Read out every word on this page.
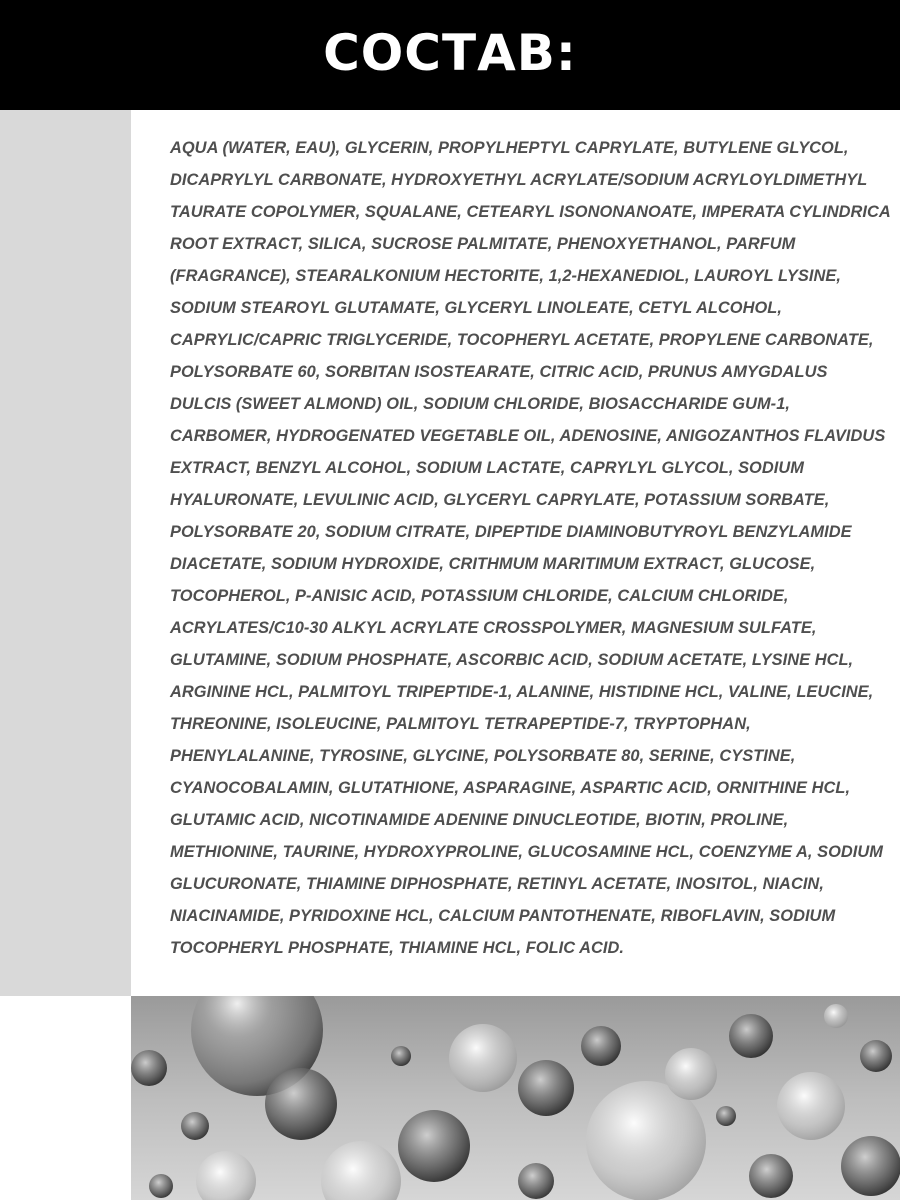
СОСТАВ:

AQUA (WATER, EAU), GLYCERIN, PROPYLHEPTYL CAPRYLATE, BUTYLENE GLYCOL, DICAPRYLYL CARBONATE, HYDROXYETHYL ACRYLATE/SODIUM ACRYLOYLDIMETHYL TAURATE COPOLYMER, SQUALANE, CETEARYL ISONONANOATE, IMPERATA CYLINDRICA ROOT EXTRACT, SILICA, SUCROSE PALMITATE, PHENOXYETHANOL, PARFUM (FRAGRANCE), STEARALKONIUM HECTORITE, 1,2-HEXANEDIOL, LAUROYL LYSINE, SODIUM STEAROYL GLUTAMATE, GLYCERYL LINOLEATE, CETYL ALCOHOL, CAPRYLIC/CAPRIC TRIGLYCERIDE, TOCOPHERYL ACETATE, PROPYLENE CARBONATE, POLYSORBATE 60, SORBITAN ISOSTEARATE, CITRIC ACID, PRUNUS AMYGDALUS DULCIS (SWEET ALMOND) OIL, SODIUM CHLORIDE, BIOSACCHARIDE GUM-1, CARBOMER, HYDROGENATED VEGETABLE OIL, ADENOSINE, ANIGOZANTHOS FLAVIDUS EXTRACT, BENZYL ALCOHOL, SODIUM LACTATE, CAPRYLYL GLYCOL, SODIUM HYALURONATE, LEVULINIC ACID, GLYCERYL CAPRYLATE, POTASSIUM SORBATE, POLYSORBATE 20, SODIUM CITRATE, DIPEPTIDE DIAMINOBUTYROYL BENZYLAMIDE DIACETATE, SODIUM HYDROXIDE, CRITHMUM MARITIMUM EXTRACT, GLUCOSE, TOCOPHEROL, P-ANISIC ACID, POTASSIUM CHLORIDE, CALCIUM CHLORIDE, ACRYLATES/C10-30 ALKYL ACRYLATE CROSSPOLYMER, MAGNESIUM SULFATE, GLUTAMINE, SODIUM PHOSPHATE, ASCORBIC ACID, SODIUM ACETATE, LYSINE HCL, ARGININE HCL, PALMITOYL TRIPEPTIDE-1, ALANINE, HISTIDINE HCL, VALINE, LEUCINE, THREONINE, ISOLEUCINE, PALMITOYL TETRAPEPTIDE-7, TRYPTOPHAN, PHENYLALANINE, TYROSINE, GLYCINE, POLYSORBATE 80, SERINE, CYSTINE, CYANOCOBALAMIN, GLUTATHIONE, ASPARAGINE, ASPARTIC ACID, ORNITHINE HCL, GLUTAMIC ACID, NICOTINAMIDE ADENINE DINUCLEOTIDE, BIOTIN, PROLINE, METHIONINE, TAURINE, HYDROXYPROLINE, GLUCOSAMINE HCL, COENZYME A, SODIUM GLUCURONATE, THIAMINE DIPHOSPHATE, RETINYL ACETATE, INOSITOL, NIACIN, NIACINAMIDE, PYRIDOXINE HCL, CALCIUM PANTOTHENATE, RIBOFLAVIN, SODIUM TOCOPHERYL PHOSPHATE, THIAMINE HCL, FOLIC ACID.
